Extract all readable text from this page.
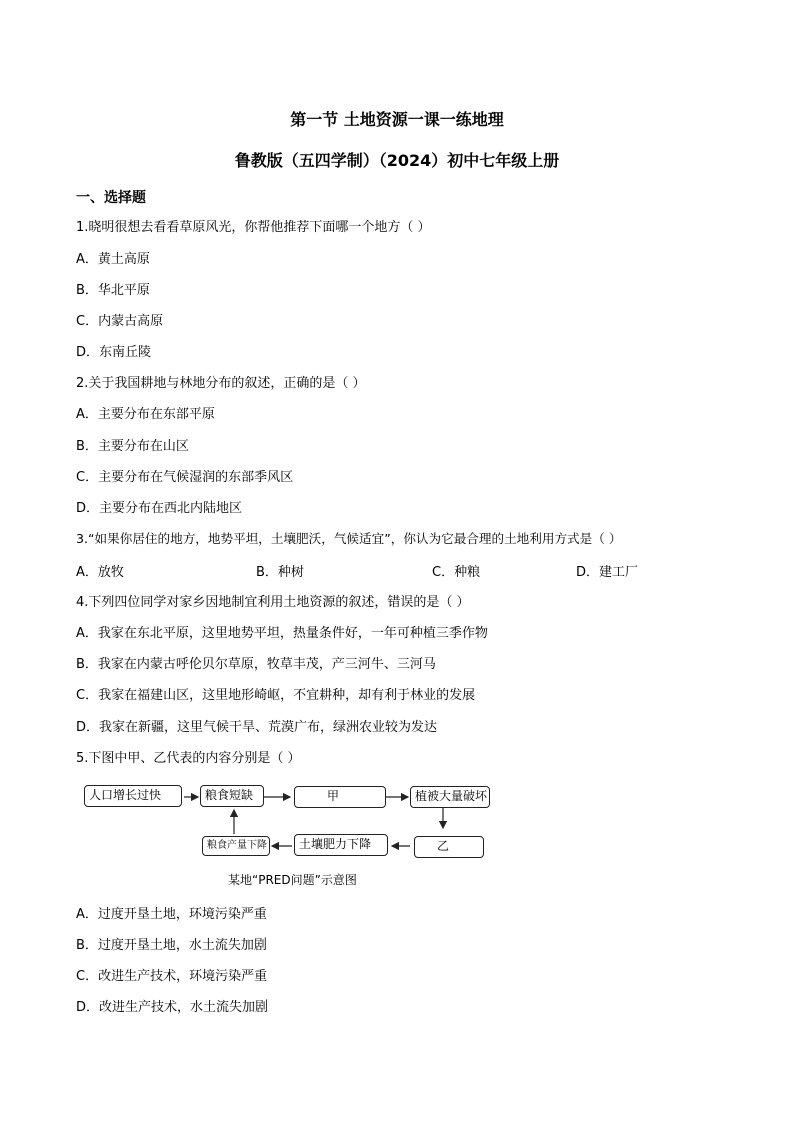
第一节 土地资源一课一练地理
鲁教版（五四学制）（2024）初中七年级上册
一、选择题
1.晓明很想去看看草原风光，你帮他推荐下面哪一个地方（ ）
A．黄土高原
B．华北平原
C．内蒙古高原
D．东南丘陵
2.关于我国耕地与林地分布的叙述，正确的是（ ）
A．主要分布在东部平原
B．主要分布在山区
C．主要分布在气候湿润的东部季风区
D．主要分布在西北内陆地区
3.“如果你居住的地方，地势平坦，土壤肥沃，气候适宜”，你认为它最合理的土地利用方式是（ ）
A．放牧	B．种树	C．种粮	D．建工厂
4.下列四位同学对家乡因地制宜利用土地资源的叙述，错误的是（ ）
A．我家在东北平原，这里地势平坦，热量条件好，一年可种植三季作物
B．我家在内蒙古呼伦贝尔草原，牧草丰茂，产三河牛、三河马
C．我家在福建山区，这里地形崎岖，不宜耕种，却有利于林业的发展
D．我家在新疆，这里气候干旱、荒漠广布，绿洲农业较为发达
5.下图中甲、乙代表的内容分别是（ ）
人口增长过快	粮食短缺	甲	植被大量破坏
乙
土壤肥力下降
粮食产量下降
某地“PRED问题”示意图
A．过度开垦土地，环境污染严重
B．过度开垦土地，水土流失加剧
C．改进生产技术，环境污染严重
D．改进生产技术，水土流失加剧
